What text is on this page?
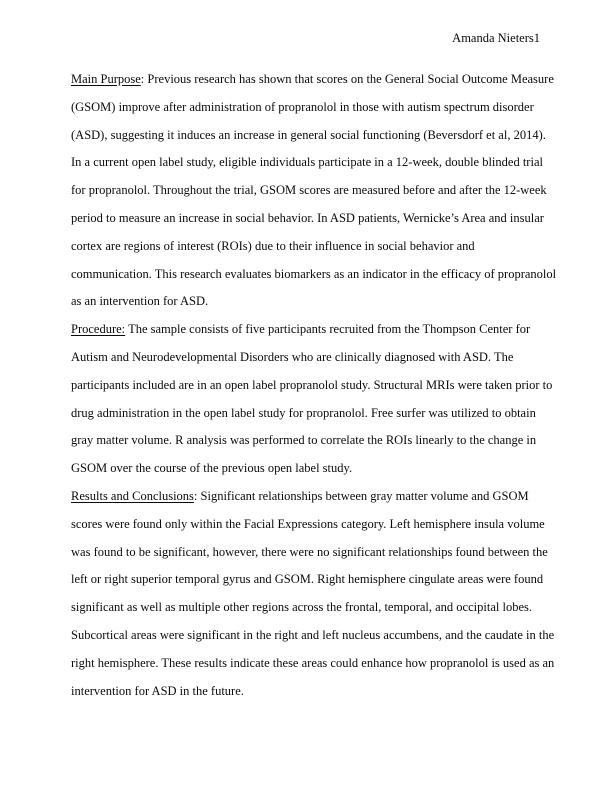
Amanda Nieters1
Main Purpose: Previous research has shown that scores on the General Social Outcome Measure
(GSOM) improve after administration of propranolol in those with autism spectrum disorder
(ASD), suggesting it induces an increase in general social functioning (Beversdorf et al, 2014).
In a current open label study, eligible individuals participate in a 12-week, double blinded trial
for propranolol. Throughout the trial, GSOM scores are measured before and after the 12-week
period to measure an increase in social behavior. In ASD patients, Wernicke’s Area and insular
cortex are regions of interest (ROIs) due to their influence in social behavior and
communication. This research evaluates biomarkers as an indicator in the efficacy of propranolol
as an intervention for ASD.
Procedure: The sample consists of five participants recruited from the Thompson Center for
Autism and Neurodevelopmental Disorders who are clinically diagnosed with ASD. The
participants included are in an open label propranolol study. Structural MRIs were taken prior to
drug administration in the open label study for propranolol. Free surfer was utilized to obtain
gray matter volume. R analysis was performed to correlate the ROIs linearly to the change in
GSOM over the course of the previous open label study.
Results and Conclusions: Significant relationships between gray matter volume and GSOM
scores were found only within the Facial Expressions category. Left hemisphere insula volume
was found to be significant, however, there were no significant relationships found between the
left or right superior temporal gyrus and GSOM. Right hemisphere cingulate areas were found
significant as well as multiple other regions across the frontal, temporal, and occipital lobes.
Subcortical areas were significant in the right and left nucleus accumbens, and the caudate in the
right hemisphere. These results indicate these areas could enhance how propranolol is used as an
intervention for ASD in the future.
